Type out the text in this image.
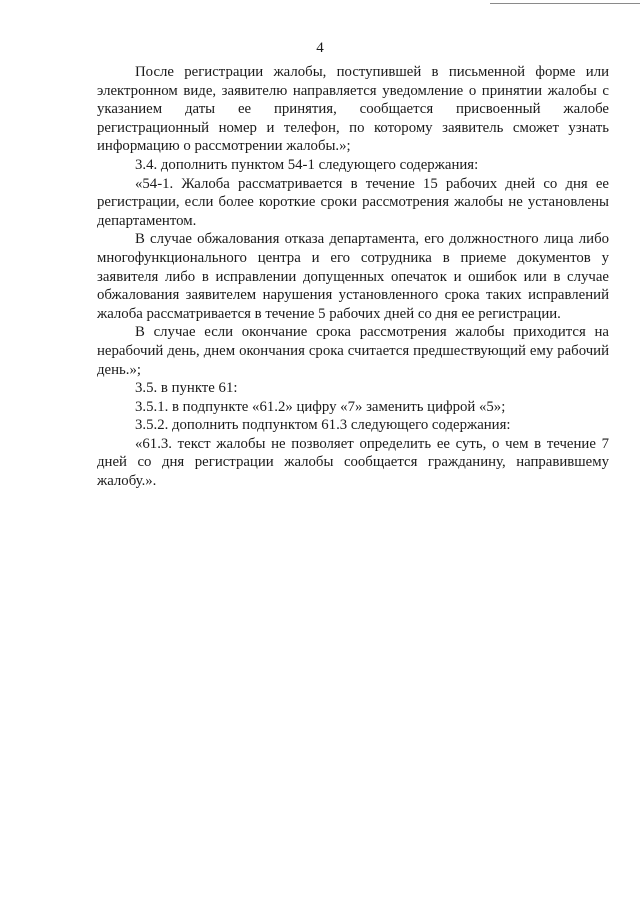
4

После регистрации жалобы, поступившей в письменной форме или электронном виде, заявителю направляется уведомление о принятии жалобы с указанием даты ее принятия, сообщается присвоенный жалобе регистрационный номер и телефон, по которому заявитель сможет узнать информацию о рассмотрении жалобы.»;

3.4. дополнить пунктом 54-1 следующего содержания:

«54-1. Жалоба рассматривается в течение 15 рабочих дней со дня ее регистрации, если более короткие сроки рассмотрения жалобы не установлены департаментом.

В случае обжалования отказа департамента, его должностного лица либо многофункционального центра и его сотрудника в приеме документов у заявителя либо в исправлении допущенных опечаток и ошибок или в случае обжалования заявителем нарушения установленного срока таких исправлений жалоба рассматривается в течение 5 рабочих дней со дня ее регистрации.

В случае если окончание срока рассмотрения жалобы приходится на нерабочий день, днем окончания срока считается предшествующий ему рабочий день.»;

3.5. в пункте 61:

3.5.1. в подпункте «61.2» цифру «7» заменить цифрой «5»;

3.5.2. дополнить подпунктом 61.3 следующего содержания:

«61.3. текст жалобы не позволяет определить ее суть, о чем в течение 7 дней со дня регистрации жалобы сообщается гражданину, направившему жалобу.».
